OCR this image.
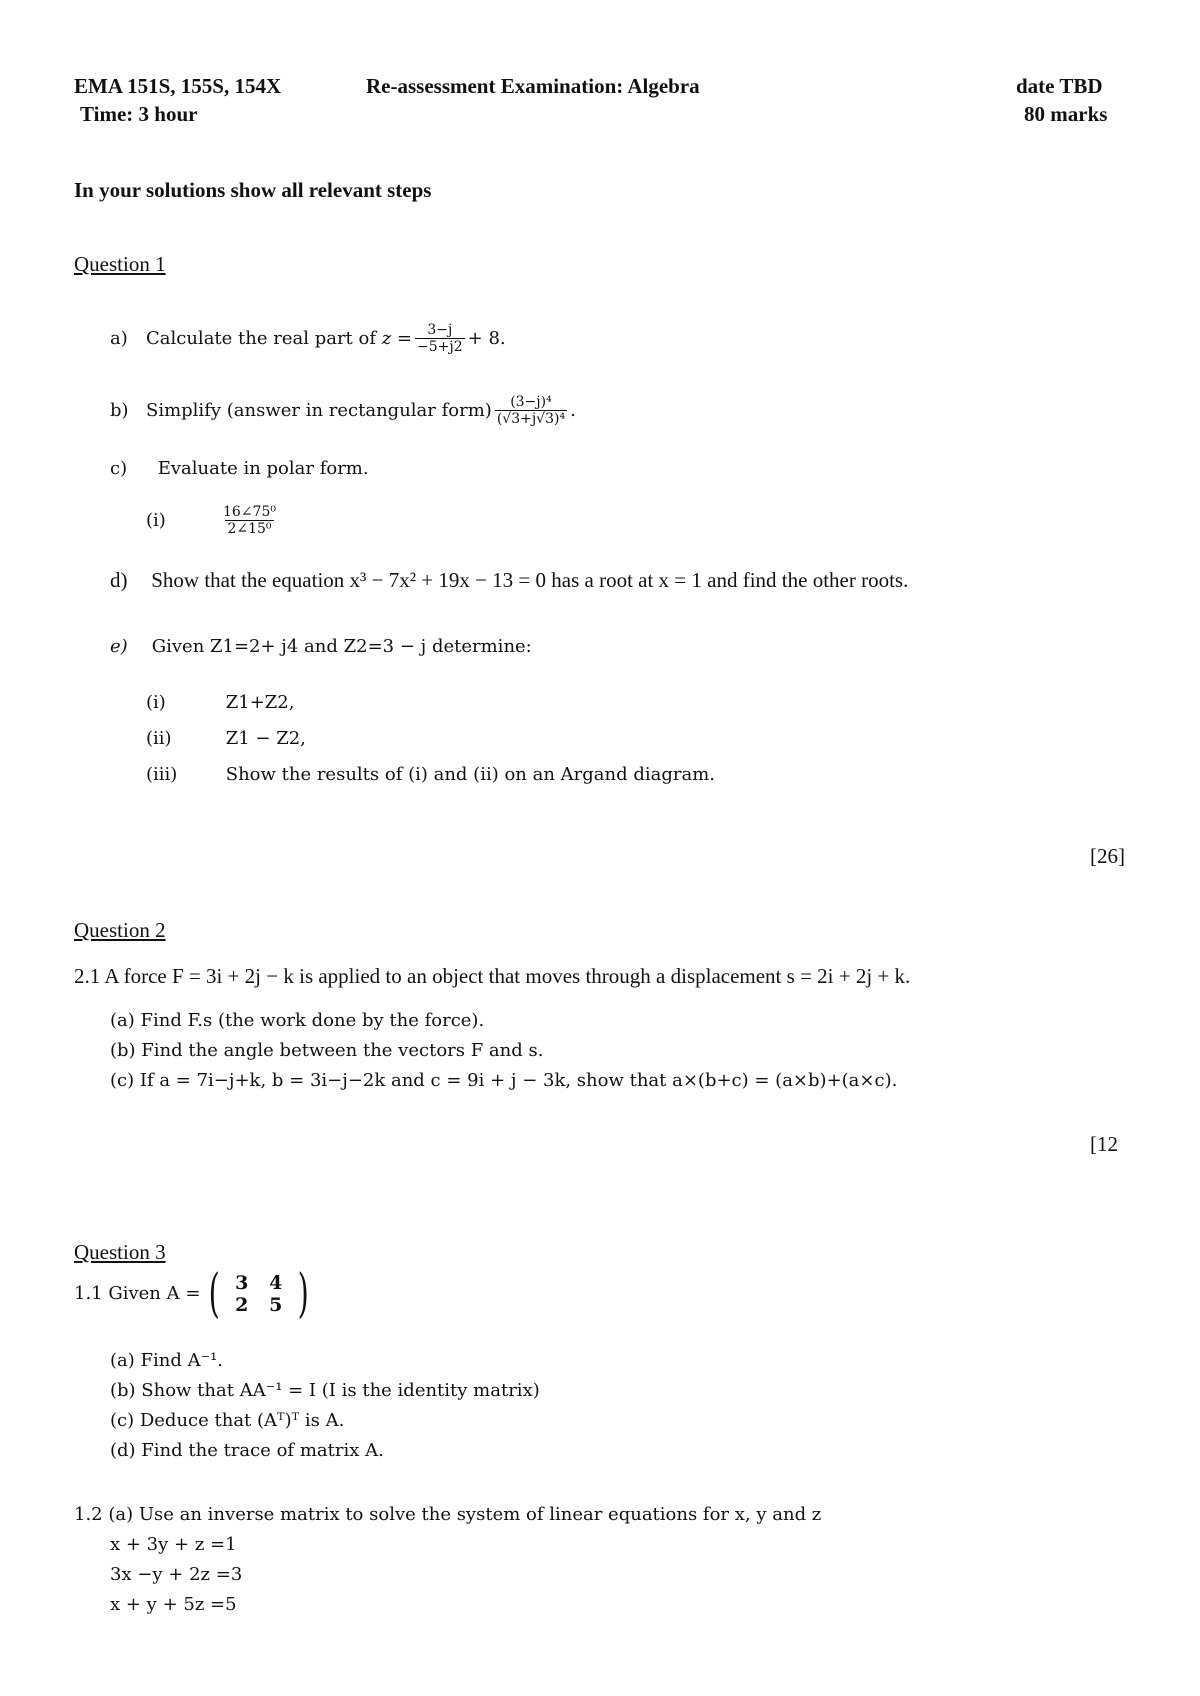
EMA 151S, 155S, 154X	Re-assessment Examination: Algebra	date TBD
Time: 3 hour	80 marks
In your solutions show all relevant steps
Question 1
a)	Calculate the real part of
$z = \frac{3-j}{-5+j2} + 8$.
b) Simplify (answer in rectangular form) $\frac{\text{(3−j)⁴}}{\text{(√3+j√3)⁴}}$ .
c) Evaluate in polar form.
(i)	$\frac{\text{16∠75⁰}}{\text{2∠15⁰}}$
d) Show that the equation x³ − 7x² + 19x − 13 = 0 has a root at x = 1 and find the other roots.
e) Given Z1=2+ j4 and Z2=3 − j determine:
(i)	Z1+Z2,
(ii)	Z1 − Z2,
(iii)	Show the results of (i) and (ii) on an Argand diagram.
[26]
Question 2
2.1 A force F = 3i + 2j − k is applied to an object that moves through a displacement s = 2i + 2j + k.
(a) Find F.s (the work done by the force).
(b) Find the angle between the vectors F and s.
(c) If a = 7i−j+k, b = 3i−j−2k and c = 9i + j − 3k, show that a×(b+c) = (a×b)+(a×c).
[12
Question 3
1.1 Given A = ( 3	4
2	5 )
(a) Find A⁻¹.
(b) Show that AA⁻¹ = I (I is the identity matrix)
(c) Deduce that (Aᵀ)ᵀ is A.
(d) Find the trace of matrix A.
1.2 (a) Use an inverse matrix to solve the system of linear equations for x, y and z
x + 3y + z =1
3x −y + 2z =3
x + y + 5z =5
